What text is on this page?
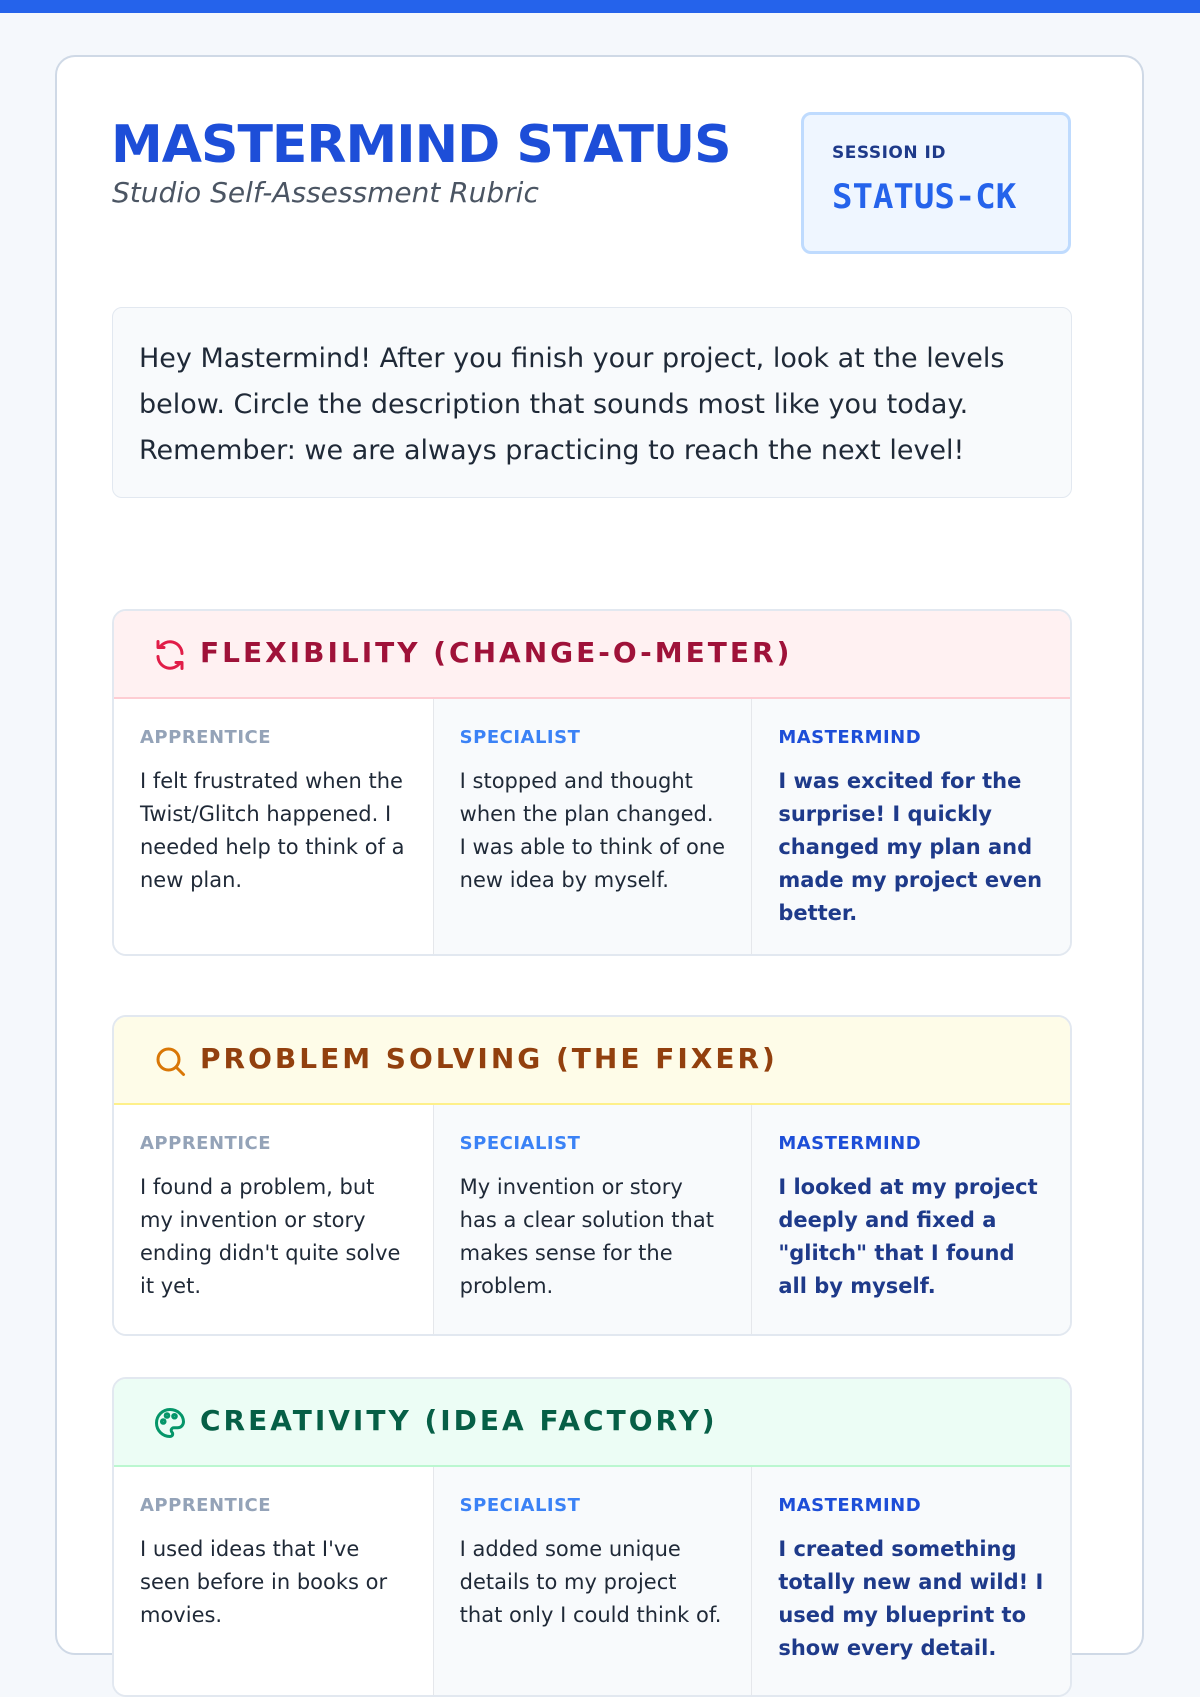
MASTERMIND STATUS
Studio Self-Assessment Rubric
SESSION ID
STATUS-CK
Hey Mastermind! After you finish your project, look at the levels below. Circle the description that sounds most like you today. Remember: we are always practicing to reach the next level!
FLEXIBILITY (CHANGE-O-METER)
APPRENTICE
I felt frustrated when the Twist/Glitch happened. I needed help to think of a new plan.
SPECIALIST
I stopped and thought when the plan changed. I was able to think of one new idea by myself.
MASTERMIND
I was excited for the surprise! I quickly changed my plan and made my project even better.
PROBLEM SOLVING (THE FIXER)
APPRENTICE
I found a problem, but my invention or story ending didn't quite solve it yet.
SPECIALIST
My invention or story has a clear solution that makes sense for the problem.
MASTERMIND
I looked at my project deeply and fixed a "glitch" that I found all by myself.
CREATIVITY (IDEA FACTORY)
APPRENTICE
I used ideas that I've seen before in books or movies.
SPECIALIST
I added some unique details to my project that only I could think of.
MASTERMIND
I created something totally new and wild! I used my blueprint to show every detail.
